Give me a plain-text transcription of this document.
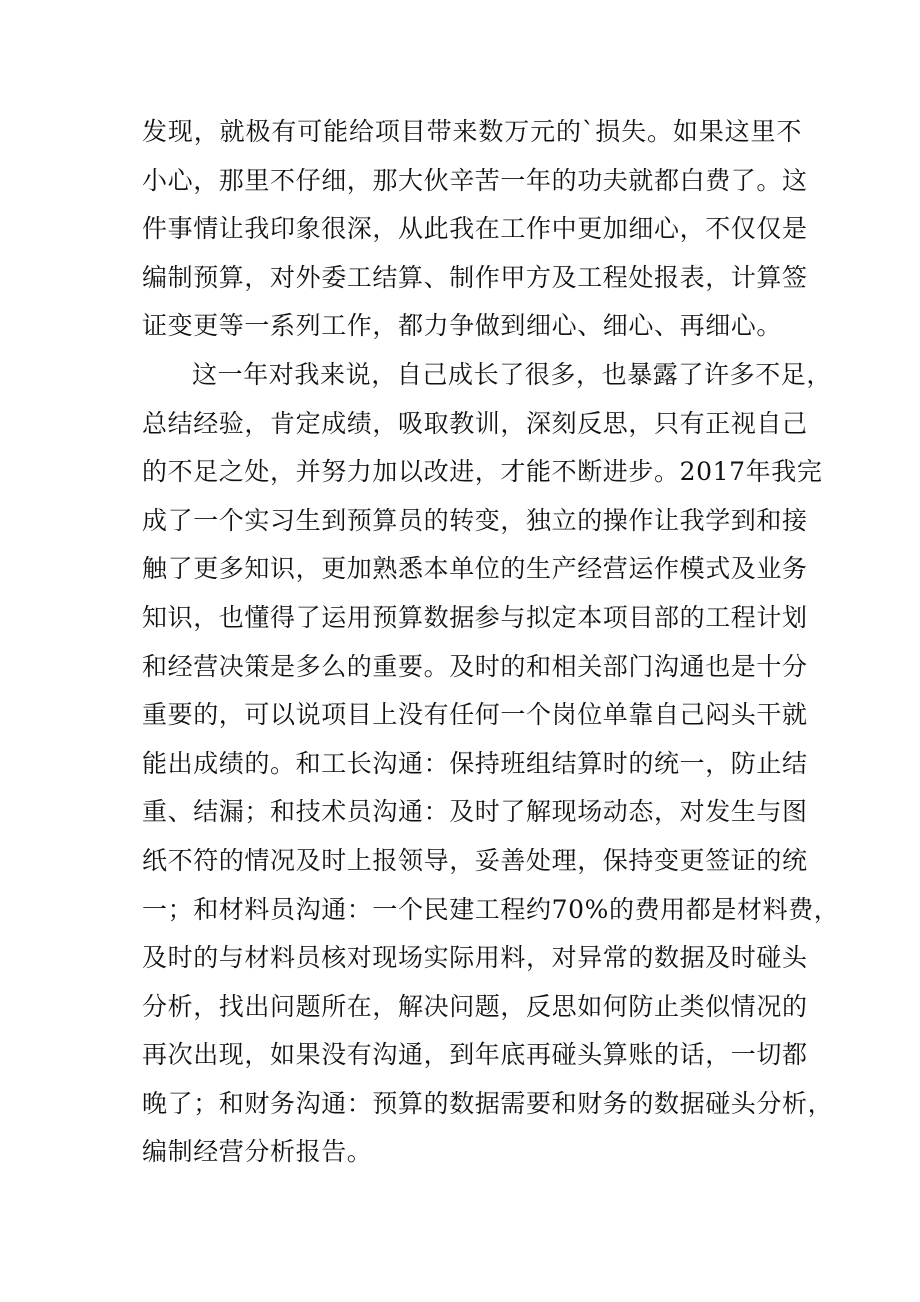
发现，就极有可能给项目带来数万元的`损失。如果这里不
小心，那里不仔细，那大伙辛苦一年的功夫就都白费了。这
件事情让我印象很深，从此我在工作中更加细心，不仅仅是
编制预算，对外委工结算、制作甲方及工程处报表，计算签
证变更等一系列工作，都力争做到细心、细心、再细心。
这一年对我来说，自己成长了很多，也暴露了许多不足，
总结经验，肯定成绩，吸取教训，深刻反思，只有正视自己
的不足之处，并努力加以改进，才能不断进步。2017年我完
成了一个实习生到预算员的转变，独立的操作让我学到和接
触了更多知识，更加熟悉本单位的生产经营运作模式及业务
知识，也懂得了运用预算数据参与拟定本项目部的工程计划
和经营决策是多么的重要。及时的和相关部门沟通也是十分
重要的，可以说项目上没有任何一个岗位单靠自己闷头干就
能出成绩的。和工长沟通：保持班组结算时的统一，防止结
重、结漏；和技术员沟通：及时了解现场动态，对发生与图
纸不符的情况及时上报领导，妥善处理，保持变更签证的统
一；和材料员沟通：一个民建工程约70%的费用都是材料费，
及时的与材料员核对现场实际用料，对异常的数据及时碰头
分析，找出问题所在，解决问题，反思如何防止类似情况的
再次出现，如果没有沟通，到年底再碰头算账的话，一切都
晚了；和财务沟通：预算的数据需要和财务的数据碰头分析，
编制经营分析报告。
